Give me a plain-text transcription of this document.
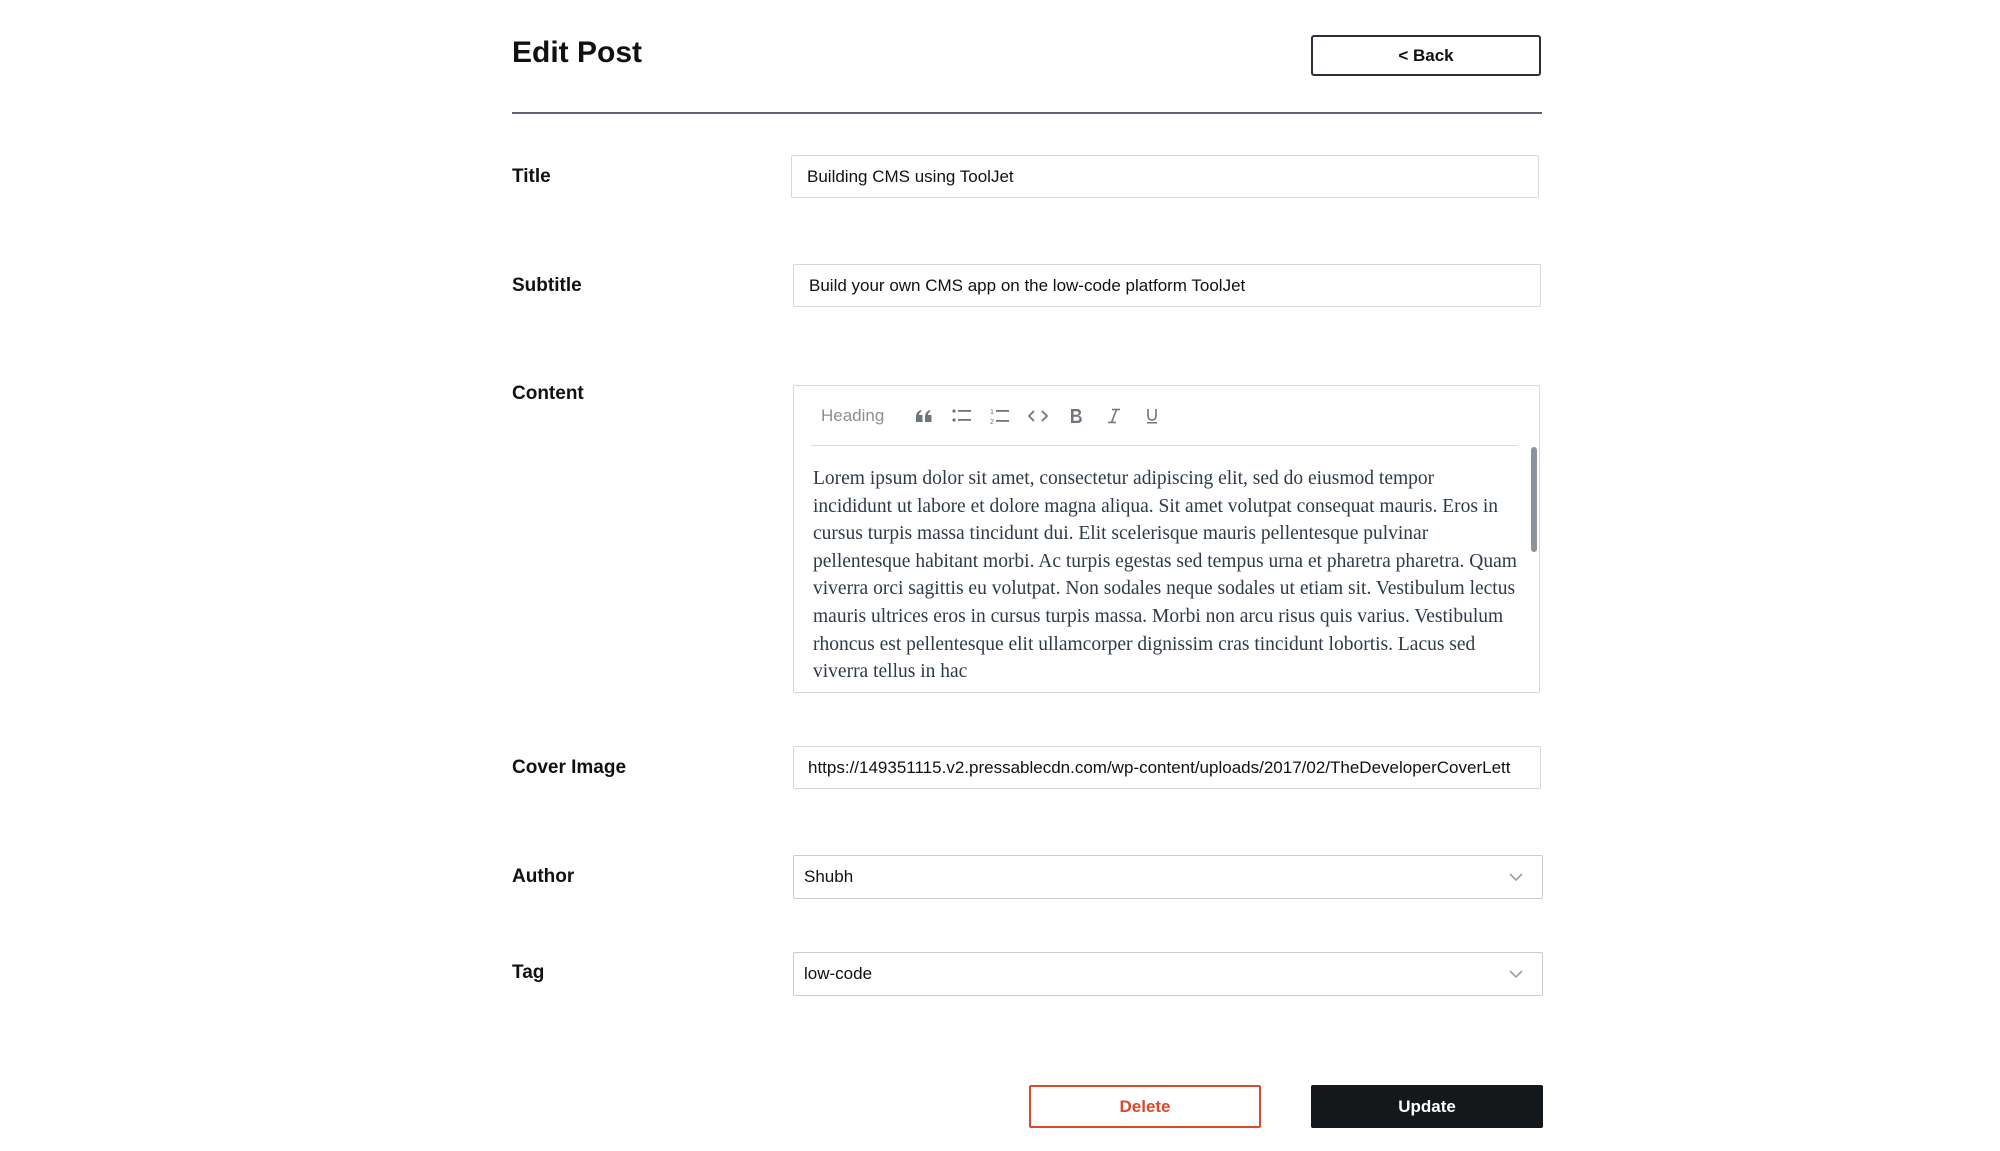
Edit Post	< Back
Title	Building CMS using ToolJet
Subtitle	Build your own CMS app on the low-code platform ToolJet
Content
Heading	1
2
Lorem ipsum dolor sit amet, consectetur adipiscing elit, sed do eiusmod tempor incididunt ut labore et dolore magna aliqua. Sit amet volutpat consequat mauris. Eros in cursus turpis massa tincidunt dui. Elit scelerisque mauris pellentesque pulvinar pellentesque habitant morbi. Ac turpis egestas sed tempus urna et pharetra pharetra. Quam viverra orci sagittis eu volutpat. Non sodales neque sodales ut etiam sit. Vestibulum lectus mauris ultrices eros in cursus turpis massa. Morbi non arcu risus quis varius. Vestibulum rhoncus est pellentesque elit ullamcorper dignissim cras tincidunt lobortis. Lacus sed viverra tellus in hac
Cover Image	https://149351115.v2.pressablecdn.com/wp-content/uploads/2017/02/TheDeveloperCoverLett
Author	Shubh
Tag	low-code
Delete	Update
